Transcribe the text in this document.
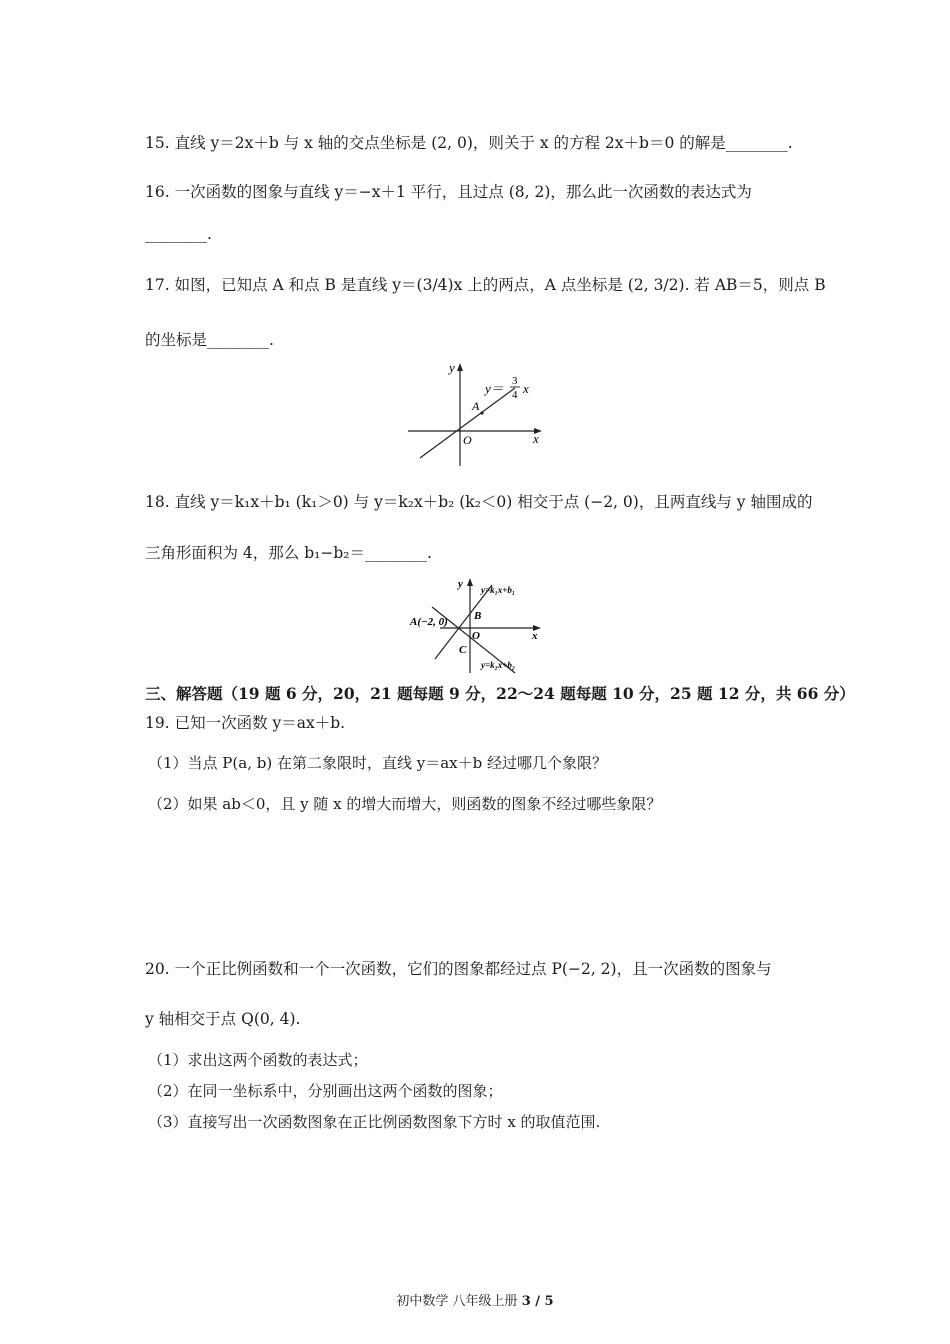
15. 直线 y＝2x＋b 与 x 轴的交点坐标是 (2, 0)，则关于 x 的方程 2x＋b＝0 的解是________.
16. 一次函数的图象与直线 y＝−x＋1 平行，且过点 (8, 2)，那么此一次函数的表达式为
________.
17. 如图，已知点 A 和点 B 是直线 y＝(3/4)x 上的两点，A 点坐标是 (2, 3/2). 若 AB＝5，则点 B
的坐标是________.
x
y
O
A
y＝ 3
4 x
18. 直线 y＝k₁x＋b₁ (k₁＞0) 与 y＝k₂x＋b₂ (k₂＜0) 相交于点 (−2, 0)，且两直线与 y 轴围成的
三角形面积为 4，那么 b₁−b₂＝________.
y
x
O
A(−2, 0) B
C
y=k₁x+b₁
y=k₂x+b₂
三、解答题（19 题 6 分，20，21 题每题 9 分，22～24 题每题 10 分，25 题 12 分，共 66 分）
19. 已知一次函数 y＝ax＋b.
（1）当点 P(a, b) 在第二象限时，直线 y＝ax＋b 经过哪几个象限？
（2）如果 ab＜0，且 y 随 x 的增大而增大，则函数的图象不经过哪些象限？
20. 一个正比例函数和一个一次函数，它们的图象都经过点 P(−2, 2)，且一次函数的图象与
y 轴相交于点 Q(0, 4).
（1）求出这两个函数的表达式；
（2）在同一坐标系中，分别画出这两个函数的图象；
（3）直接写出一次函数图象在正比例函数图象下方时 x 的取值范围.
初中数学 八年级上册 3 / 5
